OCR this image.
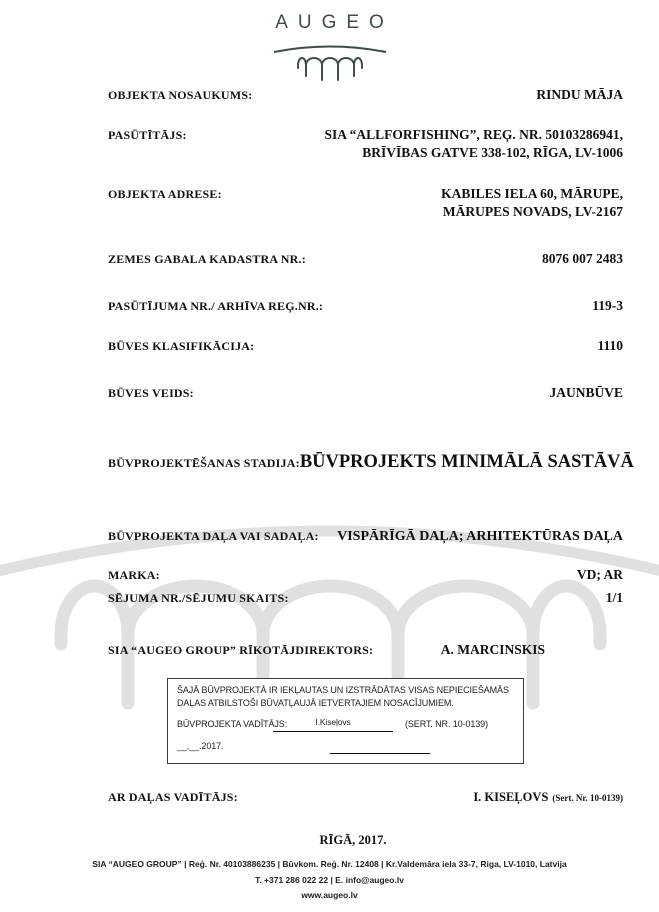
AUGEO
OBJEKTA NOSAUKUMS:	RINDU MĀJA
PASŪTĪTĀJS:	SIA “ALLFORFISHING”, REĢ. NR. 50103286941,
BRĪVĪBAS GATVE 338-102, RĪGA, LV-1006
OBJEKTA ADRESE:	KABILES IELA 60, MĀRUPE,
MĀRUPES NOVADS, LV-2167
ZEMES GABALA KADASTRA NR.:	8076 007 2483
PASŪTĪJUMA NR./ ARHĪVA REĢ.NR.:	119-3
BŪVES KLASIFIKĀCIJA:	1110
BŪVES VEIDS:	JAUNBŪVE
BŪVPROJEKTĒŠANAS STADIJA: BŪVPROJEKTS MINIMĀLĀ SASTĀVĀ
BŪVPROJEKTA DAĻA VAI SADAĻA: VISPĀRĪGĀ DAĻA; ARHITEKTŪRAS DAĻA
MARKA:	VD; AR
SĒJUMA NR./SĒJUMU SKAITS:	1/1
SIA “AUGEO GROUP” RĪKOTĀJDIREKTORS:	A. MARCINSKIS
ŠAJĀ BŪVPROJEKTĀ IR IEKĻAUTAS UN IZSTRĀDĀTAS VISAS NEPIECIEŠAMĀS
DAĻAS ATBILSTOŠI BŪVATĻAUJĀ IETVERTAJIEM NOSACĪJUMIEM.
BŪVPROJEKTA VADĪTĀJS:	I.Kiseļovs	(SERT. NR. 10-0139)
__,__.2017.
AR DAĻAS VADĪTĀJS:	I. KISEĻOVS (Sert. Nr. 10-0139)
RĪGĀ, 2017.
SIA “AUGEO GROUP” | Reģ. Nr. 40103886235 | Būvkom. Reģ. Nr. 12408 | Kr.Valdemāra iela 33-7, Riga, LV-1010, Latvija
T. +371 286 022 22 | E. info@augeo.lv
www.augeo.lv
